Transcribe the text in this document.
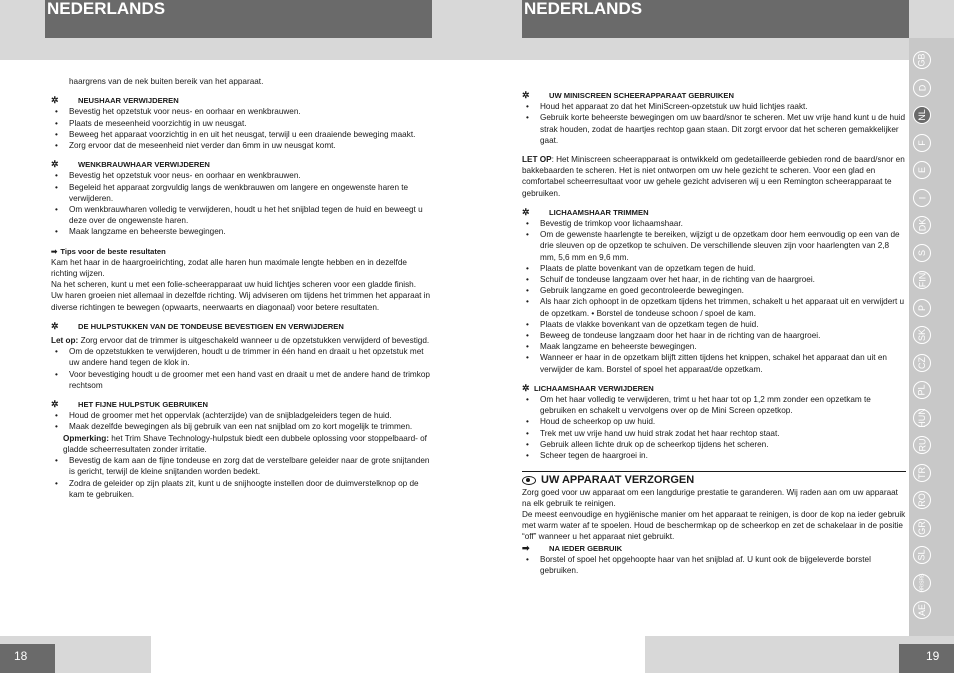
NEDERLANDS	NEDERLANDS
GB
D
NL
F
E
I
DK
S
FIN
P
SK
CZ
PL
HUN
RU
TR
RO
GR
SL
HR/SRB
AE
18	19

haargrens van de nek buiten bereik van het apparaat.

✲	NEUSHAAR VERWIJDEREN

•	Bevestig het opzetstuk voor neus- en oorhaar en wenkbrauwen.
•	Plaats de meseenheid voorzichtig in uw neusgat.
•	Beweeg het apparaat voorzichtig in en uit het neusgat, terwijl u een draaiende beweging maakt.
•	Zorg ervoor dat de meseenheid niet verder dan 6mm in uw neusgat komt.

✲	WENKBRAUWHAAR VERWIJDEREN

•	Bevestig het opzetstuk voor neus- en oorhaar en wenkbrauwen.
•	Begeleid het apparaat zorgvuldig langs de wenkbrauwen om langere en ongewenste haren te verwijderen.
•	Om wenkbrauwharen volledig te verwijderen, houdt u het het snijblad tegen de huid en beweegt u deze over de ongewenste haren.
•	Maak langzame en beheerste bewegingen.

➡ Tips voor de beste resultaten

Kam het haar in de haargroeirichting, zodat alle haren hun maximale lengte hebben en in dezelfde richting wijzen.

Na het scheren, kunt u met een folie-scheerapparaat uw huid lichtjes scheren voor een gladde finish.

Uw haren groeien niet allemaal in dezelfde richting. Wij adviseren om tijdens het trimmen het apparaat in diverse richtingen te bewegen (opwaarts, neerwaarts en diagonaal) voor betere resultaten.

✲	DE HULPSTUKKEN VAN DE TONDEUSE BEVESTIGEN EN VERWIJDEREN

Let op: Zorg ervoor dat de trimmer is uitgeschakeld wanneer u de opzetstukken verwijderd of bevestigd.

•	Om de opzetstukken te verwijderen, houdt u de trimmer in één hand en draait u het opzetstuk met uw andere hand tegen de klok in.
•	Voor bevestiging houdt u de groomer met een hand vast en draait u met de andere hand de trimkop rechtsom

✲	HET FIJNE HULPSTUK GEBRUIKEN

•	Houd de groomer met het oppervlak (achterzijde) van de snijbladgeleiders tegen de huid.
•	Maak dezelfde bewegingen als bij gebruik van een nat snijblad om zo kort mogelijk te trimmen.

Opmerking: het Trim Shave Technology-hulpstuk biedt een dubbele oplossing voor stoppelbaard- of gladde scheerresultaten zonder irritatie.

•	Bevestig de kam aan de fijne tondeuse en zorg dat de verstelbare geleider naar de grote snijtanden is gericht, terwijl de kleine snijtanden worden bedekt.
•	Zodra de geleider op zijn plaats zit, kunt u de snijhoogte instellen door de duimverstelknop op de kam te gebruiken.

✲	UW MINISCREEN SCHEERAPPARAAT GEBRUIKEN

•	Houd het apparaat zo dat het MiniScreen-opzetstuk uw huid lichtjes raakt.
•	Gebruik korte beheerste bewegingen om uw baard/snor te scheren. Met uw vrije hand kunt u de huid strak houden, zodat de haartjes rechtop gaan staan. Dit zorgt ervoor dat het scheren gemakkelijker gaat.

LET OP: Het Miniscreen scheerapparaat is ontwikkeld om gedetailleerde gebieden rond de baard/snor en bakkebaarden te scheren. Het is niet ontworpen om uw hele gezicht te scheren. Voor een glad en comfortabel scheerresultaat voor uw gehele gezicht adviseren wij u een Remington scheerapparaat te gebruiken.

✲	LICHAAMSHAAR TRIMMEN

•	Bevestig de trimkop voor lichaamshaar.
•	Om de gewenste haarlengte te bereiken, wijzigt u de opzetkam door hem eenvoudig op een van de drie sleuven op de opzetkop te schuiven. De verschillende sleuven zijn voor haarlengten van 2,8 mm, 5,6 mm en 9,6 mm.
•	Plaats de platte bovenkant van de opzetkam tegen de huid.
•	Schuif de tondeuse langzaam over het haar, in de richting van de haargroei.
•	Gebruik langzame en goed gecontroleerde bewegingen.
•	Als haar zich ophoopt in de opzetkam tijdens het trimmen, schakelt u het apparaat uit en verwijdert u de opzetkam. • Borstel de tondeuse schoon / spoel de kam.
•	Plaats de vlakke bovenkant van de opzetkam tegen de huid.
•	Beweeg de tondeuse langzaam door het haar in de richting van de haargroei.
•	Maak langzame en beheerste bewegingen.
•	Wanneer er haar in de opzetkam blijft zitten tijdens het knippen, schakel het apparaat dan uit en verwijder de kam. Borstel of spoel het apparaat/de opzetkam.

✲ LICHAAMSHAAR VERWIJDEREN

•	Om het haar volledig te verwijderen, trimt u het haar tot op 1,2 mm zonder een opzetkam te gebruiken en schakelt u vervolgens over op de Mini Screen opzetkop.
•	Houd de scheerkop op uw huid.
•	Trek met uw vrije hand uw huid strak zodat het haar rechtop staat.
•	Gebruik alleen lichte druk op de scheerkop tijdens het scheren.
•	Scheer tegen de haargroei in.
UW APPARAAT VERZORGEN

Zorg goed voor uw apparaat om een langdurige prestatie te garanderen. Wij raden aan om uw apparaat na elk gebruik te reinigen.

De meest eenvoudige en hygiënische manier om het apparaat te reinigen, is door de kop na ieder gebruik met warm water af te spoelen. Houd de beschermkap op de scheerkop en zet de schakelaar in de positie “off” wanneer u het apparaat niet gebruikt.

➡	NA IEDER GEBRUIK

•	Borstel of spoel het opgehoopte haar van het snijblad af. U kunt ook de bijgeleverde borstel gebruiken.
